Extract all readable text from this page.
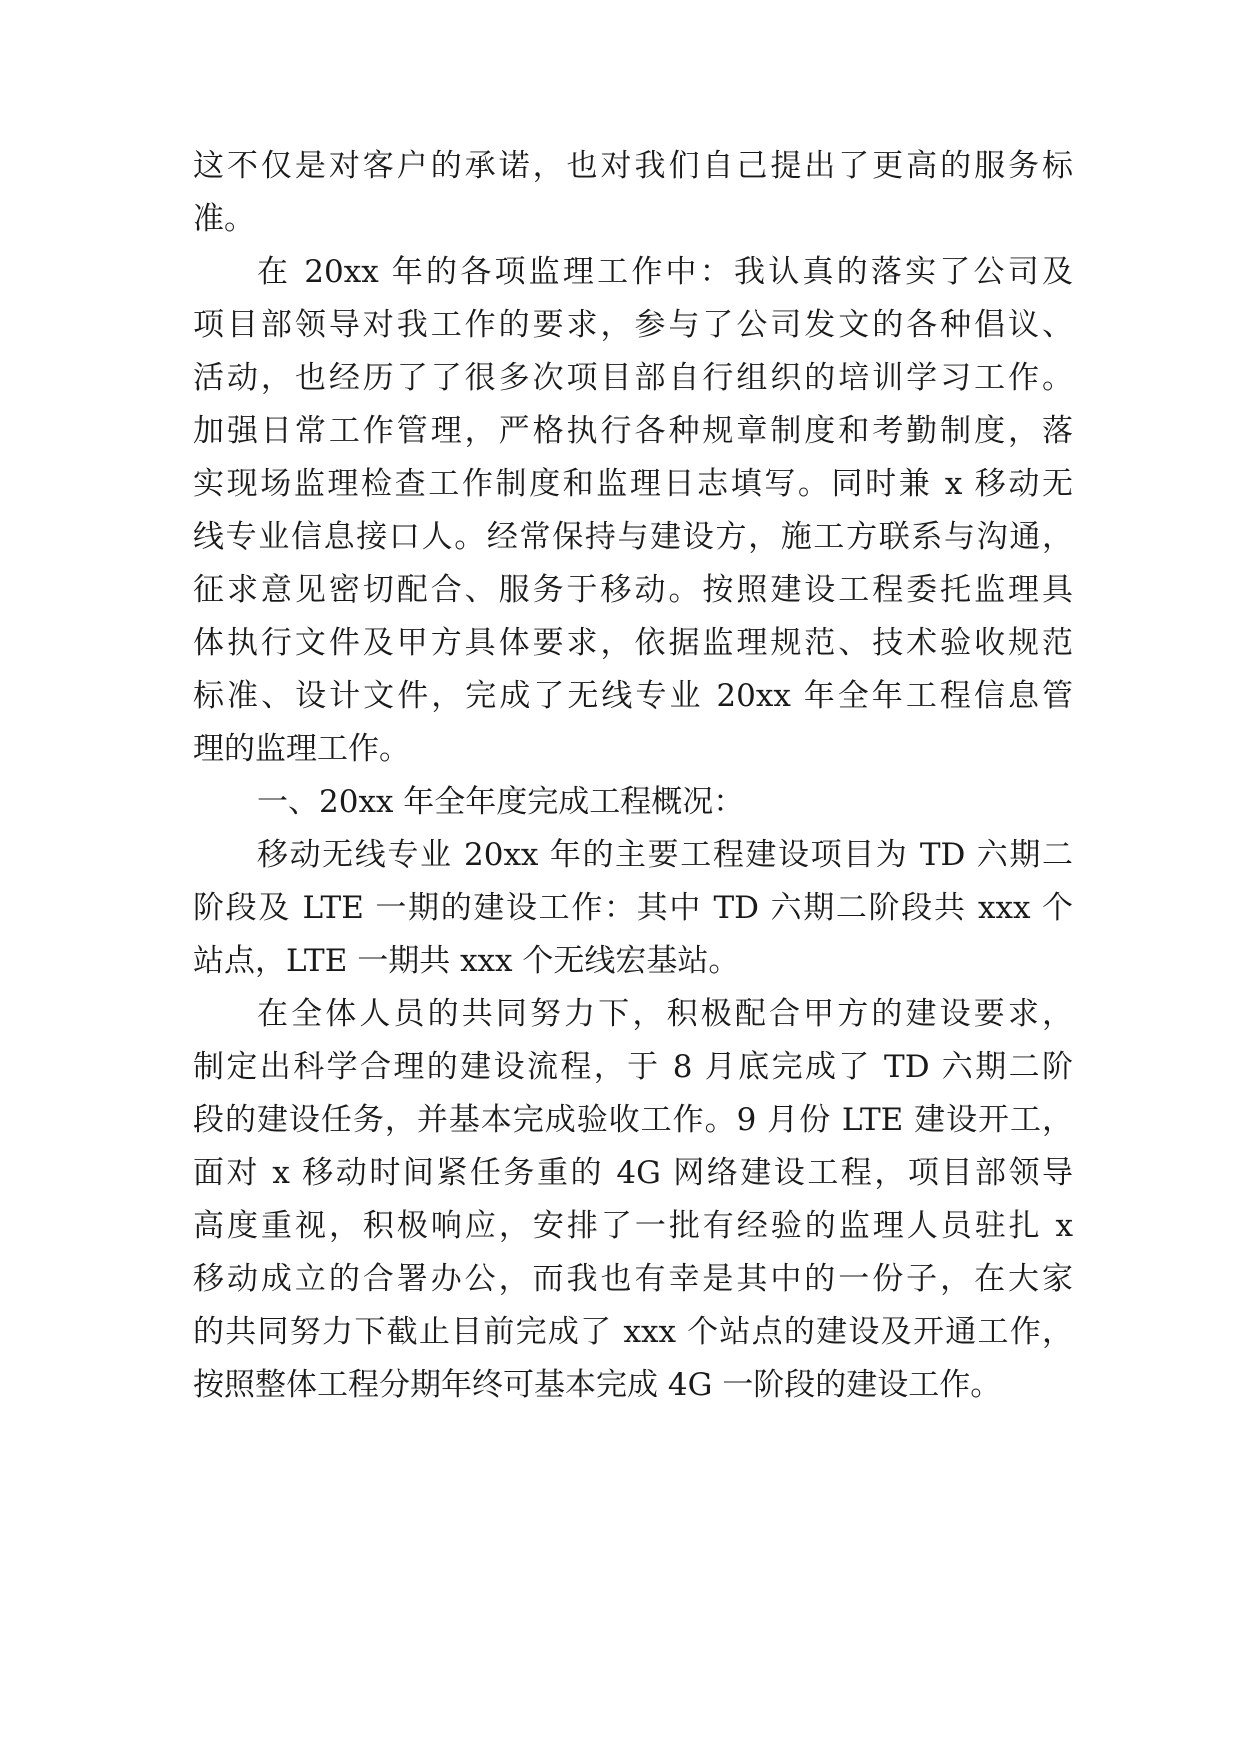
这不仅是对客户的承诺，也对我们自己提出了更高的服务标
准。
在 20xx 年的各项监理工作中：我认真的落实了公司及
项目部领导对我工作的要求，参与了公司发文的各种倡议、
活动，也经历了了很多次项目部自行组织的培训学习工作。
加强日常工作管理，严格执行各种规章制度和考勤制度，落
实现场监理检查工作制度和监理日志填写。同时兼 x 移动无
线专业信息接口人。经常保持与建设方，施工方联系与沟通，
征求意见密切配合、服务于移动。按照建设工程委托监理具
体执行文件及甲方具体要求，依据监理规范、技术验收规范
标准、设计文件，完成了无线专业 20xx 年全年工程信息管
理的监理工作。
一、20xx 年全年度完成工程概况：
移动无线专业 20xx 年的主要工程建设项目为 TD 六期二
阶段及 LTE 一期的建设工作：其中 TD 六期二阶段共 xxx 个
站点，LTE 一期共 xxx 个无线宏基站。
在全体人员的共同努力下，积极配合甲方的建设要求，
制定出科学合理的建设流程，于 8 月底完成了 TD 六期二阶
段的建设任务，并基本完成验收工作。9 月份 LTE 建设开工，
面对 x 移动时间紧任务重的 4G 网络建设工程，项目部领导
高度重视，积极响应，安排了一批有经验的监理人员驻扎 x
移动成立的合署办公，而我也有幸是其中的一份子，在大家
的共同努力下截止目前完成了 xxx 个站点的建设及开通工作，
按照整体工程分期年终可基本完成 4G 一阶段的建设工作。
